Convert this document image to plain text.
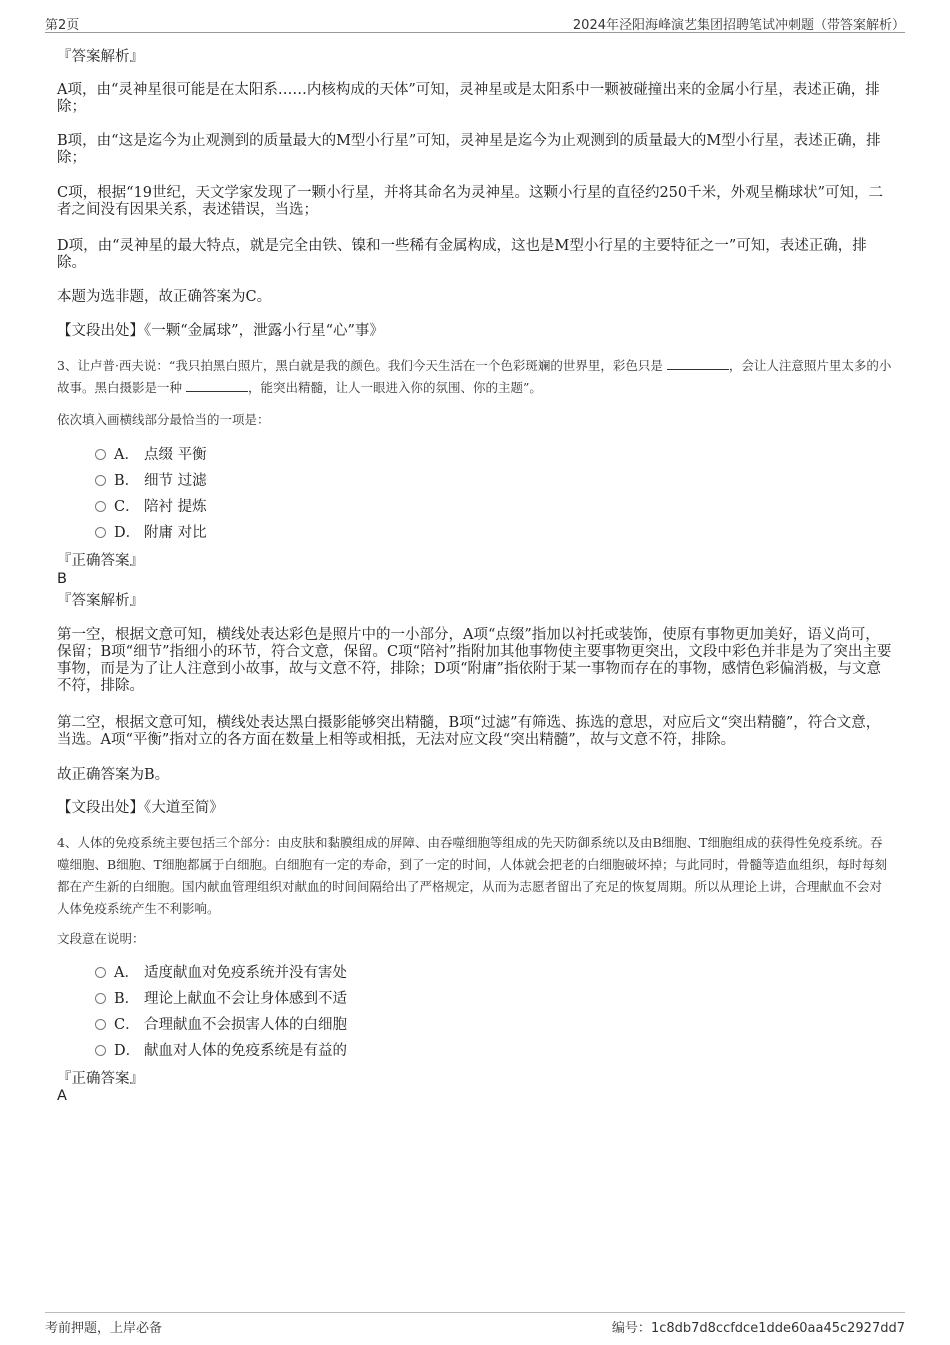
第2页	2024年泾阳海峰演艺集团招聘笔试冲刺题（带答案解析）
『答案解析』
A项，由“灵神星很可能是在太阳系……内核构成的天体”可知，灵神星或是太阳系中一颗被碰撞出来的金属小行星，表述正确，排除；
B项，由“这是迄今为止观测到的质量最大的M型小行星”可知，灵神星是迄今为止观测到的质量最大的M型小行星，表述正确，排除；
C项，根据“19世纪，天文学家发现了一颗小行星，并将其命名为灵神星。这颗小行星的直径约250千米，外观呈椭球状”可知，二者之间没有因果关系，表述错误，当选；
D项，由“灵神星的最大特点，就是完全由铁、镍和一些稀有金属构成，这也是M型小行星的主要特征之一”可知，表述正确，排除。
本题为选非题，故正确答案为C。
【文段出处】《一颗“金属球”，泄露小行星“心”事》
3、让卢普·西夫说：“我只拍黑白照片，黑白就是我的颜色。我们今天生活在一个色彩斑斓的世界里，彩色只是	，会让人注意照片里太多的小故事。黑白摄影是一种	，能突出精髓，让人一眼进入你的氛围、你的主题”。
依次填入画横线部分最恰当的一项是：
A． 点缀 平衡
B． 细节 过滤
C． 陪衬 提炼
D． 附庸 对比
『正确答案』
B
『答案解析』
第一空，根据文意可知，横线处表达彩色是照片中的一小部分，A项“点缀”指加以衬托或装饰，使原有事物更加美好，语义尚可，保留；B项“细节”指细小的环节，符合文意，保留。C项“陪衬”指附加其他事物使主要事物更突出，文段中彩色并非是为了突出主要事物，而是为了让人注意到小故事，故与文意不符，排除；D项“附庸”指依附于某一事物而存在的事物，感情色彩偏消极，与文意不符，排除。
第二空，根据文意可知，横线处表达黑白摄影能够突出精髓，B项“过滤”有筛选、拣选的意思，对应后文“突出精髓”，符合文意，当选。A项“平衡”指对立的各方面在数量上相等或相抵，无法对应文段“突出精髓”，故与文意不符，排除。
故正确答案为B。
【文段出处】《大道至简》
4、人体的免疫系统主要包括三个部分：由皮肤和黏膜组成的屏障、由吞噬细胞等组成的先天防御系统以及由B细胞、T细胞组成的获得性免疫系统。吞噬细胞、B细胞、T细胞都属于白细胞。白细胞有一定的寿命，到了一定的时间，人体就会把老的白细胞破坏掉；与此同时，骨髓等造血组织，每时每刻都在产生新的白细胞。国内献血管理组织对献血的时间间隔给出了严格规定，从而为志愿者留出了充足的恢复周期。所以从理论上讲，合理献血不会对人体免疫系统产生不利影响。
文段意在说明：
A． 适度献血对免疫系统并没有害处
B． 理论上献血不会让身体感到不适
C． 合理献血不会损害人体的白细胞
D． 献血对人体的免疫系统是有益的
『正确答案』
A
考前押题，上岸必备	编号：1c8db7d8ccfdce1dde60aa45c2927dd7
